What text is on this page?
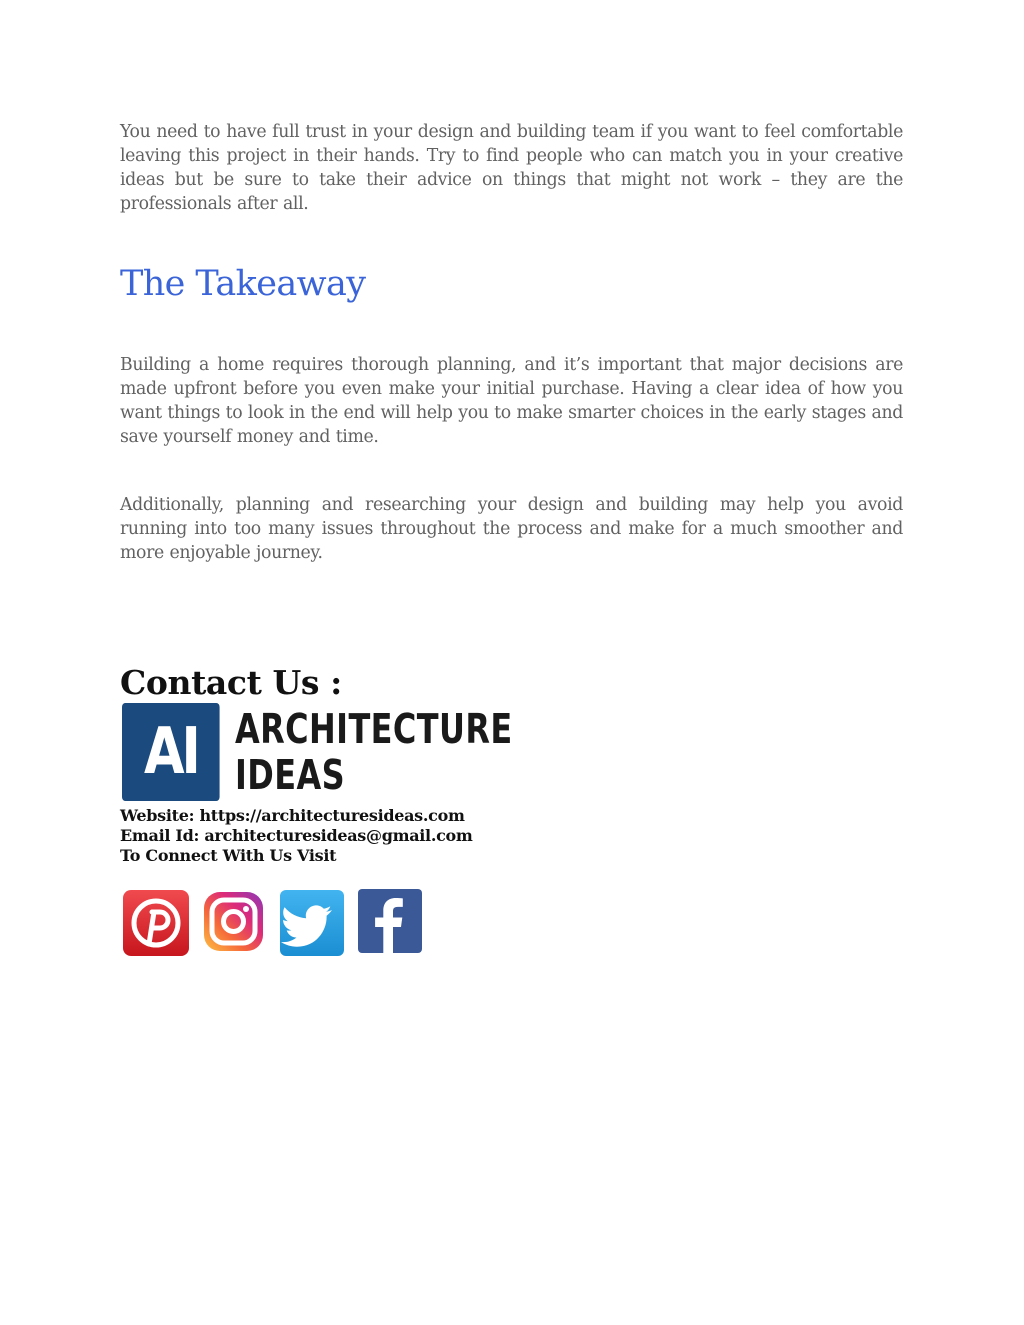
You need to have full trust in your design and building team if you want to feel comfortable leaving this project in their hands. Try to find people who can match you in your creative ideas but be sure to take their advice on things that might not work – they are the professionals after all.

The Takeaway

Building a home requires thorough planning, and it’s important that major decisions are made upfront before you even make your initial purchase. Having a clear idea of how you want things to look in the end will help you to make smarter choices in the early stages and save yourself money and time.

Additionally, planning and researching your design and building may help you avoid running into too many issues throughout the process and make for a much smoother and more enjoyable journey.

Contact Us :
AI ARCHITECTURE
IDEAS

Website: https://architecturesideas.com

Email Id: architecturesideas@gmail.com

To Connect With Us Visit
